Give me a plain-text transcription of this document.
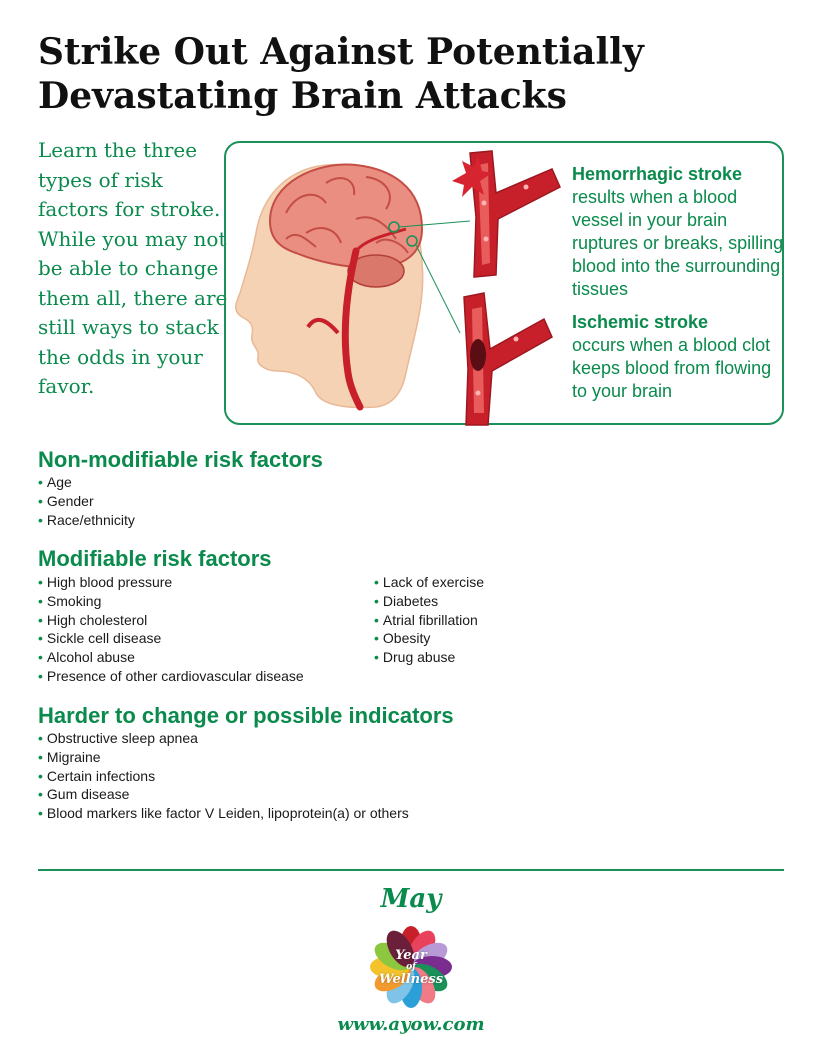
Strike Out Against Potentially
Devastating Brain Attacks

Learn the three types of risk factors for stroke. While you may not be able to change them all, there are still ways to stack the odds in your favor.

Hemorrhagic stroke
results when a blood vessel in your brain ruptures or breaks, spilling blood into the surrounding tissues

Ischemic stroke
occurs when a blood clot keeps blood from flowing to your brain

Non-modifiable risk factors
• Age
• Gender
• Race/ethnicity
Modifiable risk factors
• High blood pressure
• Smoking
• High cholesterol
• Sickle cell disease
• Alcohol abuse
• Presence of other cardiovascular disease
• Lack of exercise
• Diabetes
• Atrial fibrillation
• Obesity
• Drug abuse
Harder to change or possible indicators
• Obstructive sleep apnea
• Migraine
• Certain infections
• Gum disease
• Blood markers like factor V Leiden, lipoprotein(a) or others
May
Year
of
Wellness
www.ayow.com
